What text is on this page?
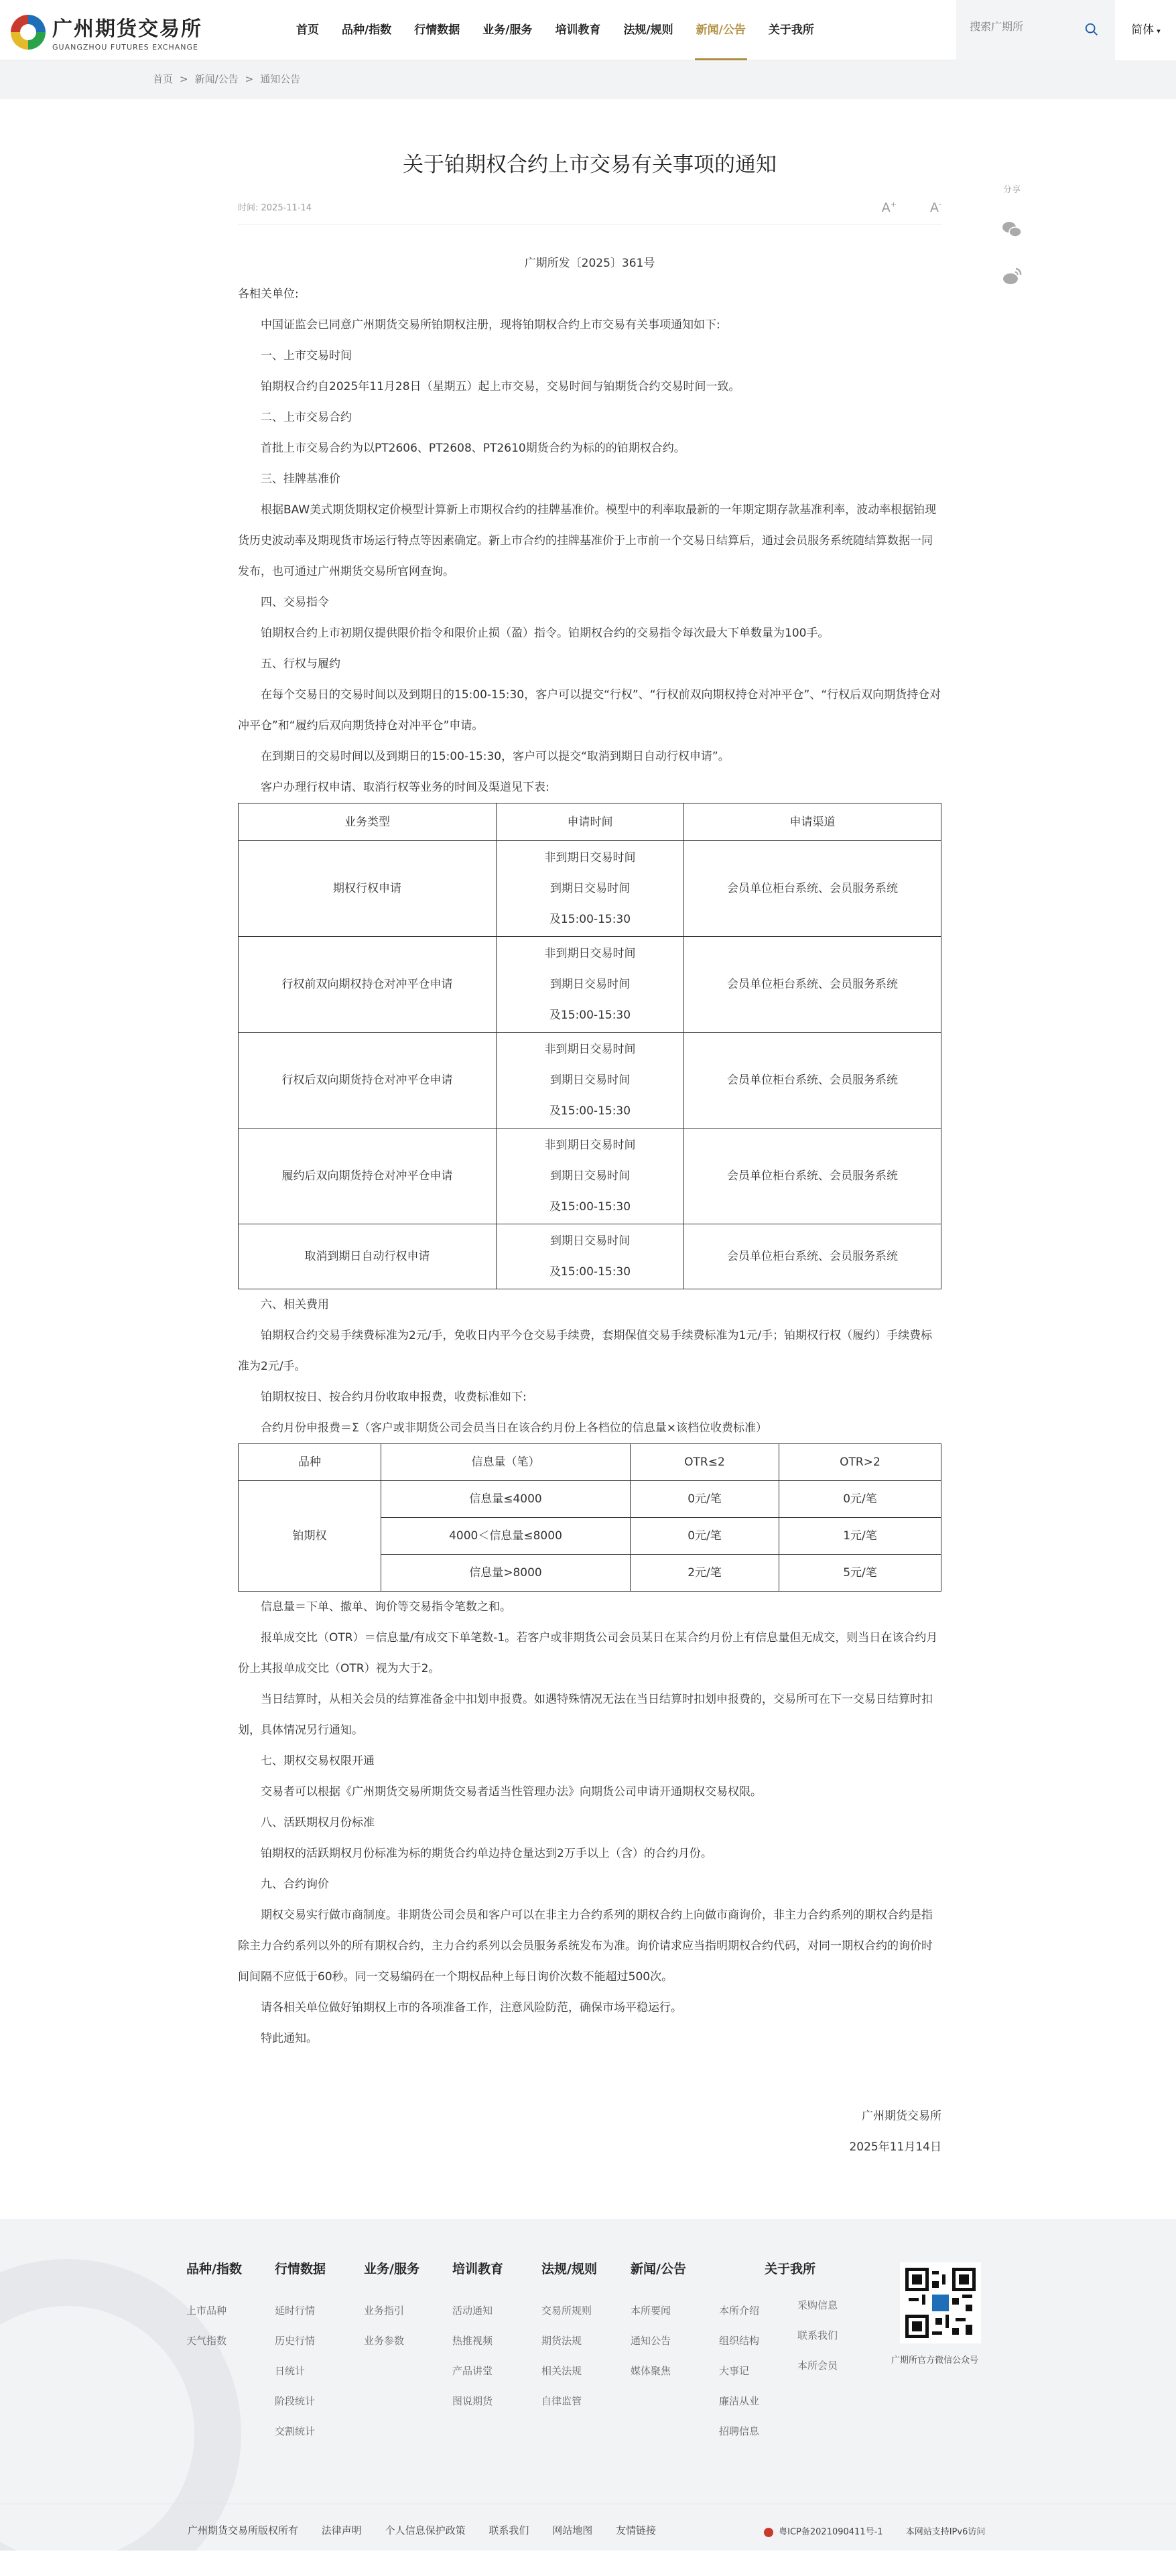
广州期货交易所
GUANGZHOU FUTURES EXCHANGE
首页	品种/指数	行情数据	业务/服务	培训教育	法规/规则	新闻/公告	关于我所
搜索广期所	简体 ▾
首页 > 新闻/公告 > 通知公告
分享

关于铂期权合约上市交易有关事项的通知
时间: 2025-11-14	A+	A-

广期所发〔2025〕361号

各相关单位:

中国证监会已同意广州期货交易所铂期权注册，现将铂期权合约上市交易有关事项通知如下:

一、上市交易时间

铂期权合约自2025年11月28日（星期五）起上市交易，交易时间与铂期货合约交易时间一致。

二、上市交易合约

首批上市交易合约为以PT2606、PT2608、PT2610期货合约为标的的铂期权合约。

三、挂牌基准价

根据BAW美式期货期权定价模型计算新上市期权合约的挂牌基准价。模型中的利率取最新的一年期定期存款基准利率，波动率根据铂现货历史波动率及期现货市场运行特点等因素确定。新上市合约的挂牌基准价于上市前一个交易日结算后，通过会员服务系统随结算数据一同发布，也可通过广州期货交易所官网查询。

四、交易指令

铂期权合约上市初期仅提供限价指令和限价止损（盈）指令。铂期权合约的交易指令每次最大下单数量为100手。

五、行权与履约

在每个交易日的交易时间以及到期日的15:00-15:30，客户可以提交“行权”、“行权前双向期权持仓对冲平仓”、“行权后双向期货持仓对冲平仓”和“履约后双向期货持仓对冲平仓”申请。

在到期日的交易时间以及到期日的15:00-15:30，客户可以提交“取消到期日自动行权申请”。

客户办理行权申请、取消行权等业务的时间及渠道见下表:

业务类型	申请时间	申请渠道
期权行权申请	非到期日交易时间
到期日交易时间
及15:00-15:30	会员单位柜台系统、会员服务系统
行权前双向期权持仓对冲平仓申请	非到期日交易时间
到期日交易时间
及15:00-15:30	会员单位柜台系统、会员服务系统
行权后双向期货持仓对冲平仓申请	非到期日交易时间
到期日交易时间
及15:00-15:30	会员单位柜台系统、会员服务系统
履约后双向期货持仓对冲平仓申请	非到期日交易时间
到期日交易时间
及15:00-15:30	会员单位柜台系统、会员服务系统
取消到期日自动行权申请	到期日交易时间
及15:00-15:30	会员单位柜台系统、会员服务系统

六、相关费用

铂期权合约交易手续费标准为2元/手，免收日内平今仓交易手续费，套期保值交易手续费标准为1元/手；铂期权行权（履约）手续费标准为2元/手。

铂期权按日、按合约月份收取申报费，收费标准如下:

合约月份申报费＝Σ（客户或非期货公司会员当日在该合约月份上各档位的信息量×该档位收费标准）

品种	信息量（笔）	OTR≤2	OTR>2
铂期权	信息量≤4000	0元/笔	0元/笔
	4000＜信息量≤8000	0元/笔	1元/笔
	信息量>8000	2元/笔	5元/笔

信息量＝下单、撤单、询价等交易指令笔数之和。

报单成交比（OTR）＝信息量/有成交下单笔数-1。若客户或非期货公司会员某日在某合约月份上有信息量但无成交，则当日在该合约月份上其报单成交比（OTR）视为大于2。

当日结算时，从相关会员的结算准备金中扣划申报费。如遇特殊情况无法在当日结算时扣划申报费的，交易所可在下一交易日结算时扣划，具体情况另行通知。

七、期权交易权限开通

交易者可以根据《广州期货交易所期货交易者适当性管理办法》向期货公司申请开通期权交易权限。

八、活跃期权月份标准

铂期权的活跃期权月份标准为标的期货合约单边持仓量达到2万手以上（含）的合约月份。

九、合约询价

期权交易实行做市商制度。非期货公司会员和客户可以在非主力合约系列的期权合约上向做市商询价，非主力合约系列的期权合约是指除主力合约系列以外的所有期权合约，主力合约系列以会员服务系统发布为准。询价请求应当指明期权合约代码，对同一期权合约的询价时间间隔不应低于60秒。同一交易编码在一个期权品种上每日询价次数不能超过500次。

请各相关单位做好铂期权上市的各项准备工作，注意风险防范，确保市场平稳运行。

特此通知。

广州期货交易所
2025年11月14日
品种/指数
上市品种
天气指数
行情数据
延时行情
历史行情
日统计
阶段统计
交割统计
业务/服务
业务指引
业务参数
培训教育
活动通知
热推视频
产品讲堂
图说期货
法规/规则
交易所规则
期货法规
相关法规
自律监管
新闻/公告
本所要闻
通知公告
媒体聚焦
关于我所
本所介绍
组织结构
大事记
廉洁从业
招聘信息
采购信息
联系我们
本所会员	广期所官方微信公众号
广州期货交易所版权所有 法律声明 个人信息保护政策 联系我们 网站地图 友情链接	粤ICP备2021090411号-1	本网站支持IPv6访问
